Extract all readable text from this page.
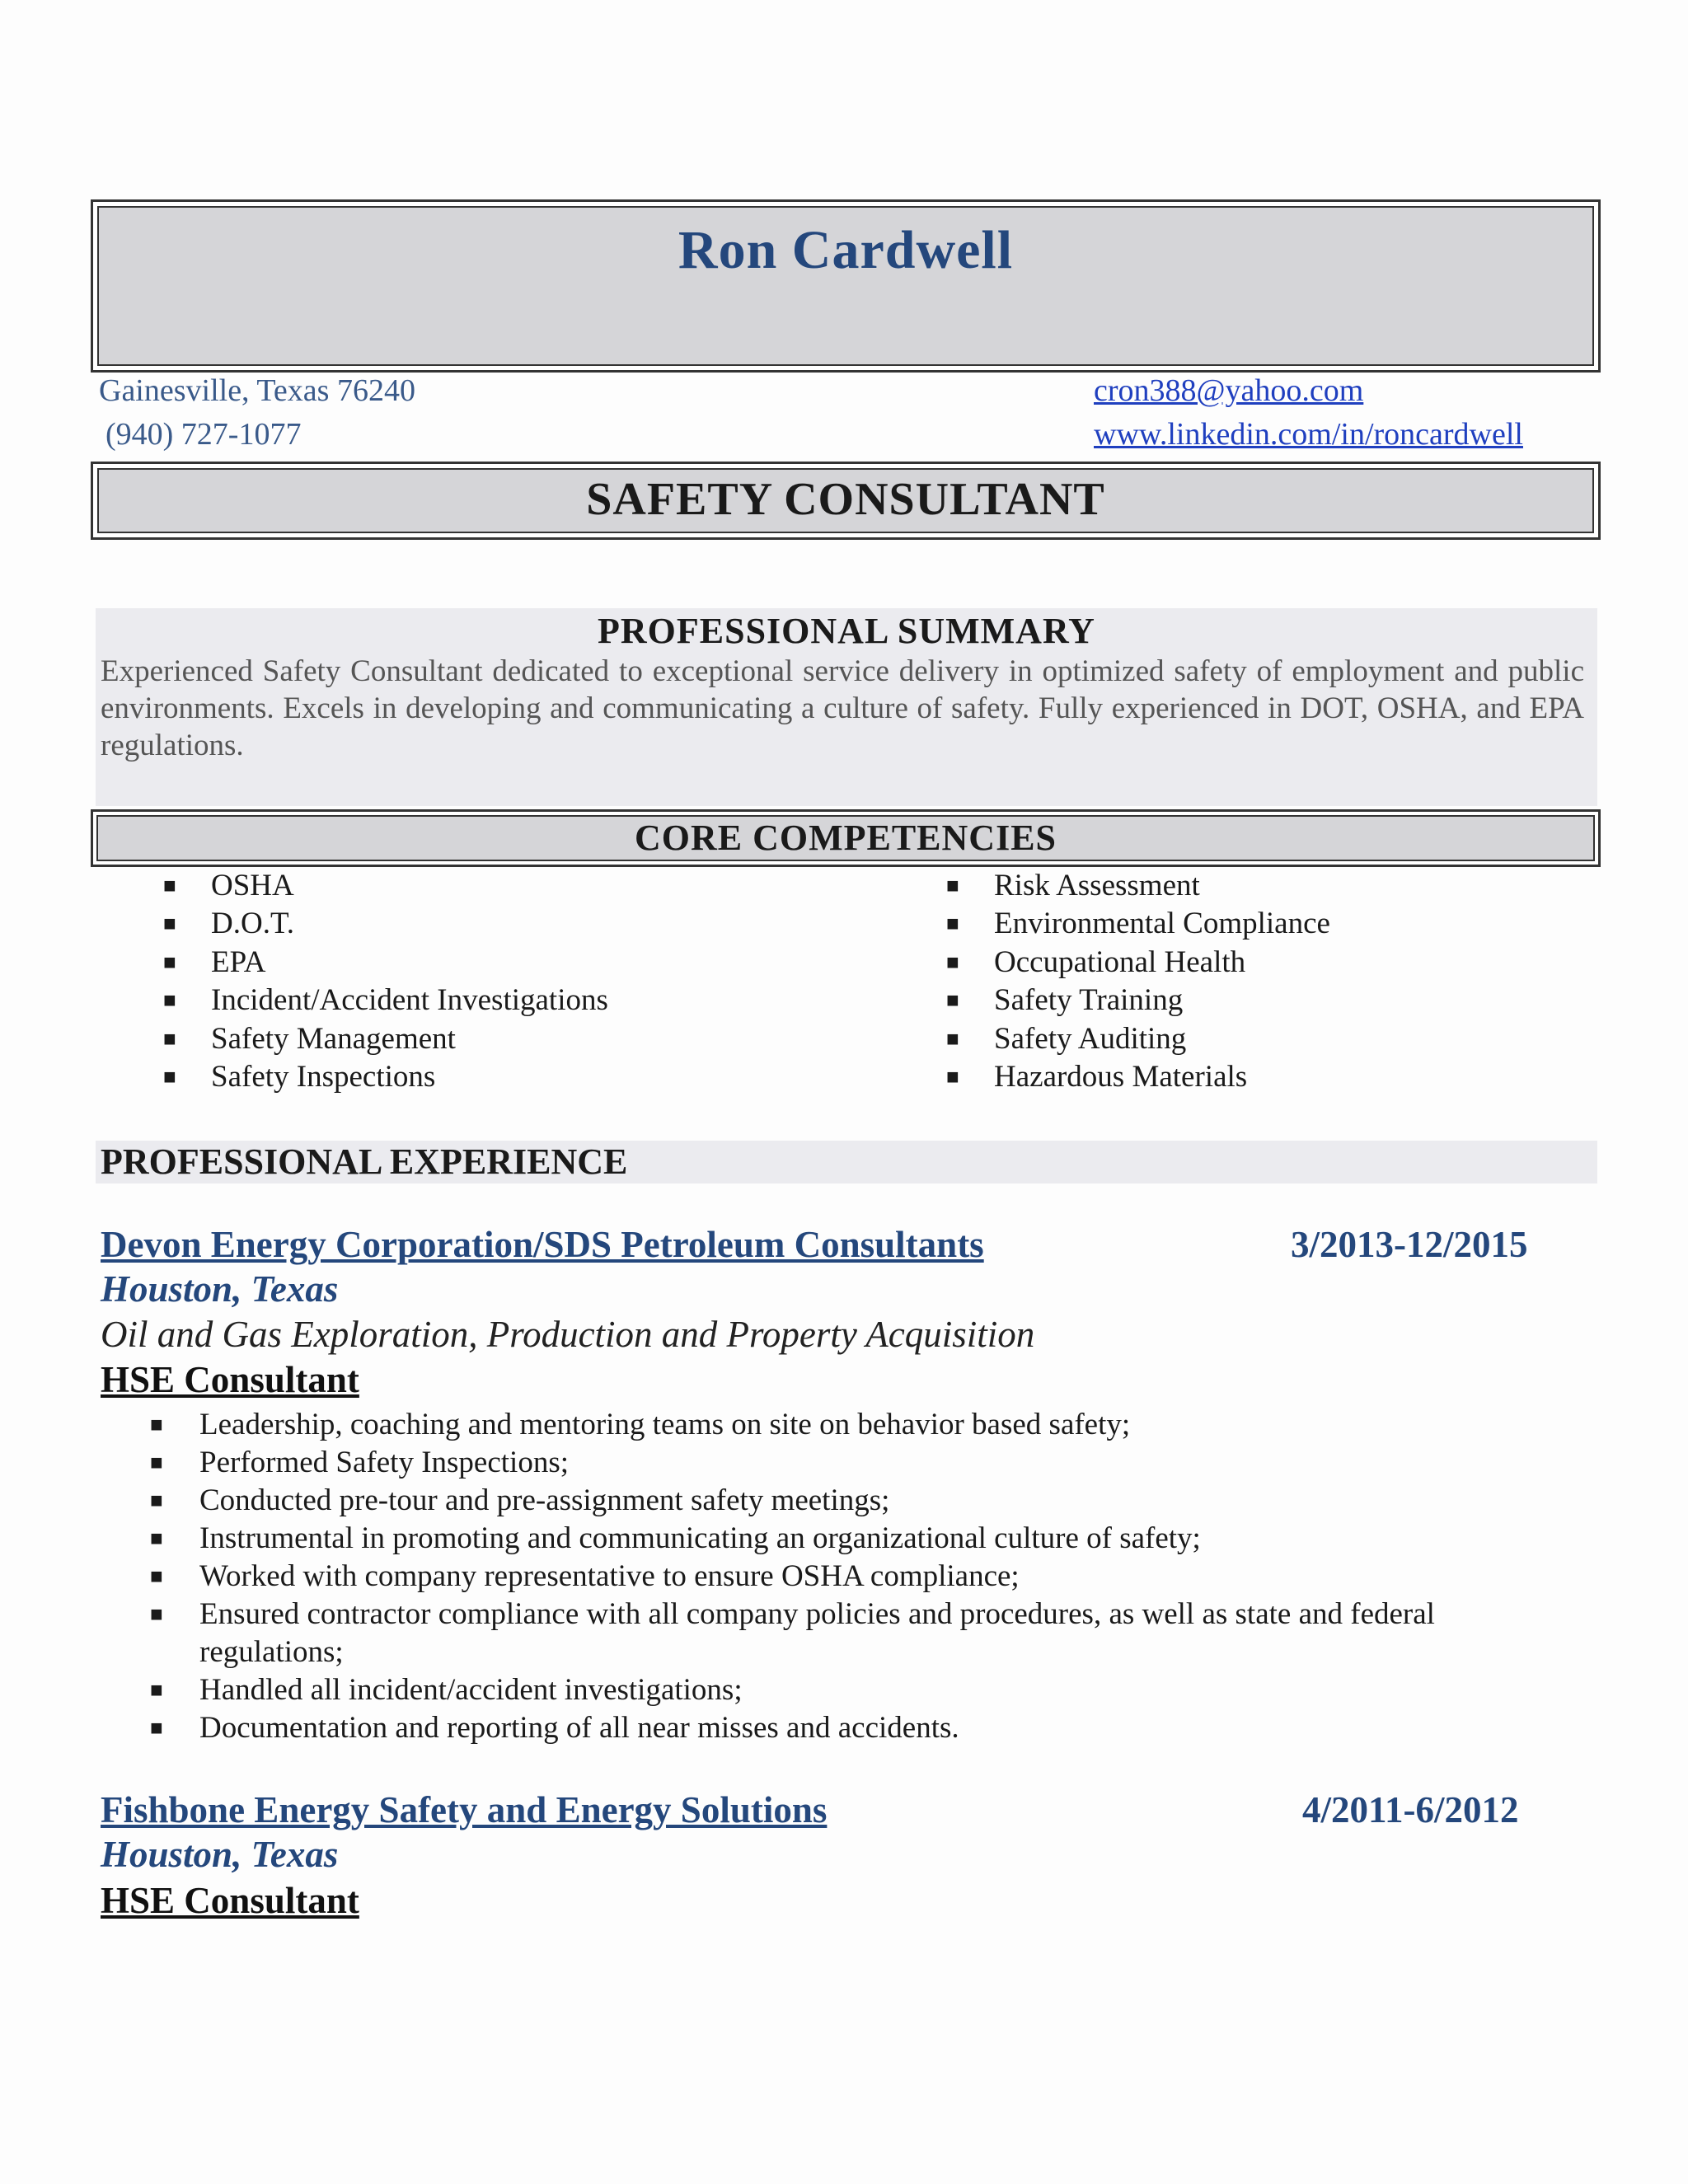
Ron Cardwell
Gainesville, Texas 76240
(940) 727-1077
cron388@yahoo.com
www.linkedin.com/in/roncardwell
SAFETY CONSULTANT
PROFESSIONAL SUMMARY
Experienced Safety Consultant dedicated to exceptional service delivery in optimized safety of employment and public environments. Excels in developing and communicating a culture of safety. Fully experienced in DOT, OSHA, and EPA regulations.
CORE COMPETENCIES
■ OSHA
■ D.O.T.
■ EPA
■ Incident/Accident Investigations
■ Safety Management
■ Safety Inspections
■ Risk Assessment
■ Environmental Compliance
■ Occupational Health
■ Safety Training
■ Safety Auditing
■ Hazardous Materials
PROFESSIONAL EXPERIENCE
Devon Energy Corporation/SDS Petroleum Consultants	3/2013-12/2015
Houston, Texas
Oil and Gas Exploration, Production and Property Acquisition
HSE Consultant
■	Leadership, coaching and mentoring teams on site on behavior based safety;
■	Performed Safety Inspections;
■	Conducted pre-tour and pre-assignment safety meetings;
■	Instrumental in promoting and communicating an organizational culture of safety;
■	Worked with company representative to ensure OSHA compliance;
■	Ensured contractor compliance with all company policies and procedures, as well as state and federal regulations;
■	Handled all incident/accident investigations;
■	Documentation and reporting of all near misses and accidents.
Fishbone Energy Safety and Energy Solutions	4/2011-6/2012
Houston, Texas
HSE Consultant
